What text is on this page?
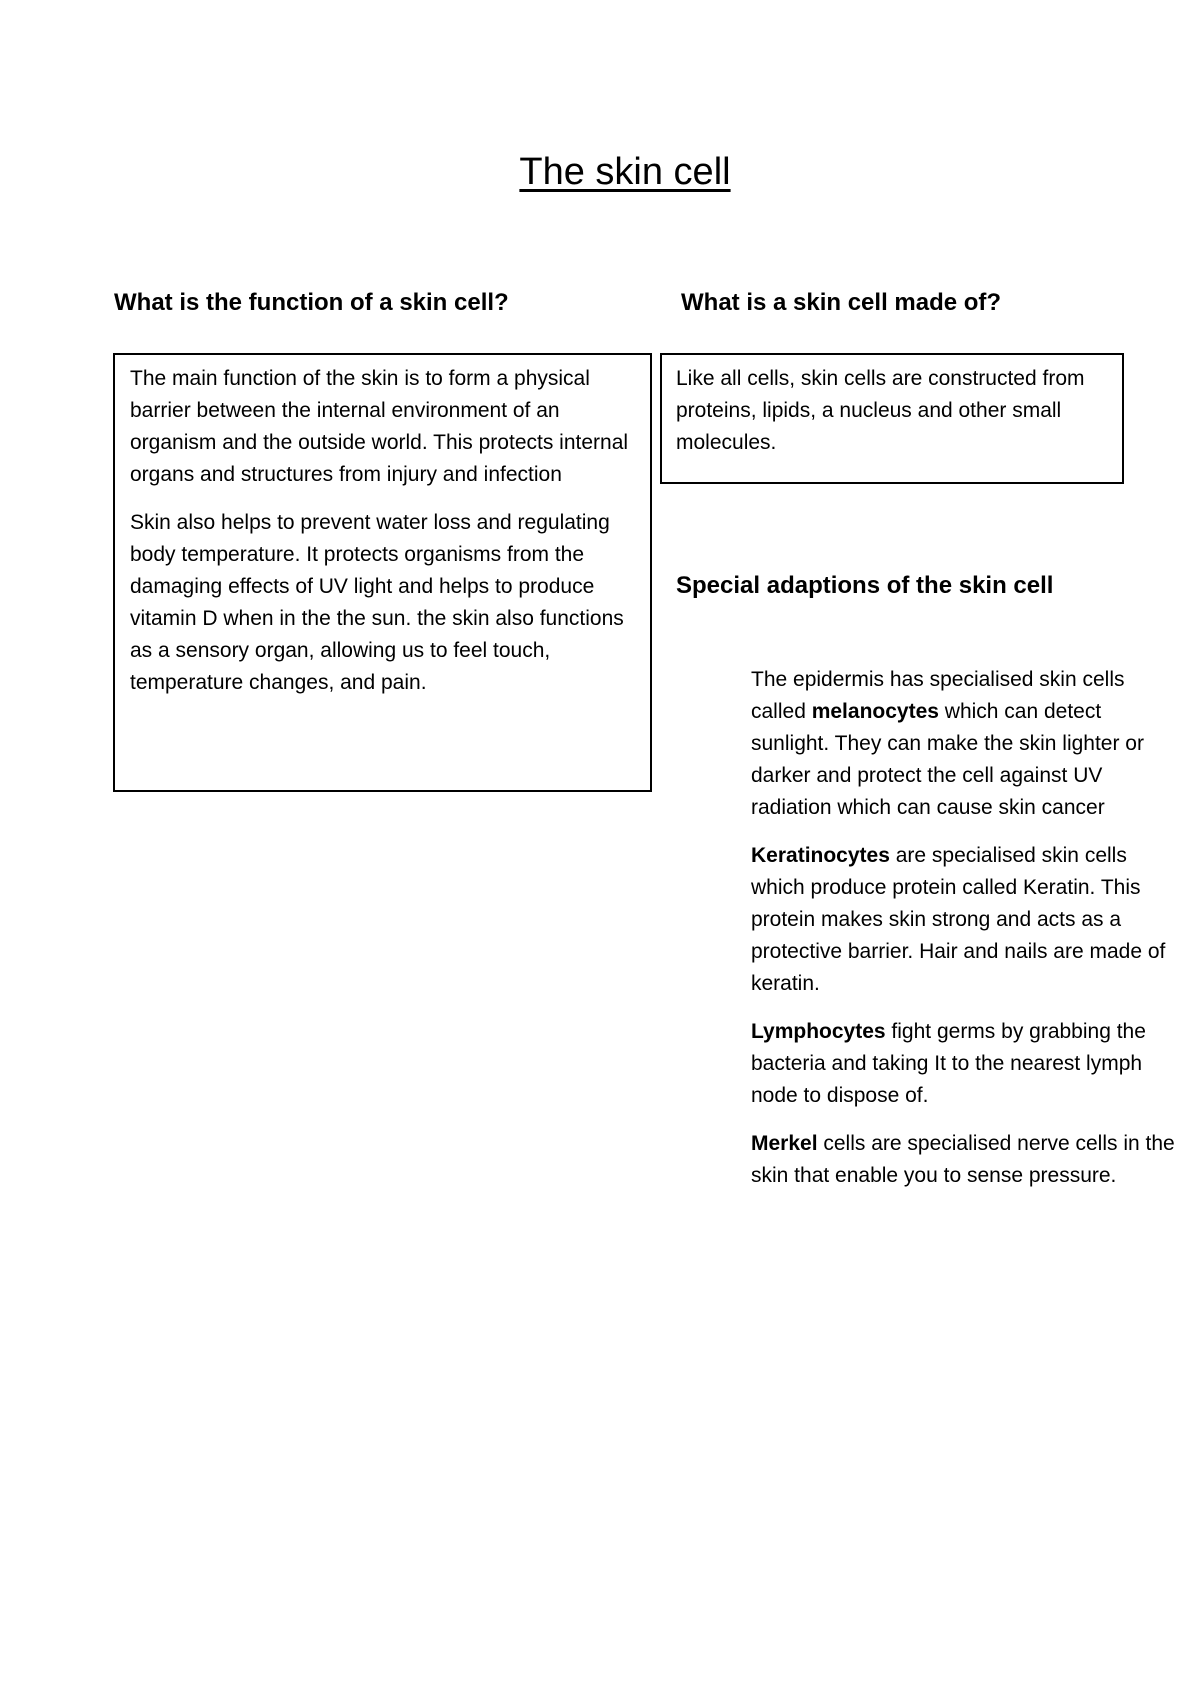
The skin cell
What is the function of a skin cell?	What is a skin cell made of?

The main function of the skin is to form a physical barrier between the internal environment of an organism and the outside world. This protects internal organs and structures from injury and infection

Skin also helps to prevent water loss and regulating body temperature. It protects organisms from the damaging effects of UV light and helps to produce vitamin D when in the the sun. the skin also functions as a sensory organ, allowing us to feel touch, temperature changes, and pain.

Like all cells, skin cells are constructed from proteins, lipids, a nucleus and other small molecules.

Special adaptions of the skin cell

The epidermis has specialised skin cells called melanocytes which can detect sunlight. They can make the skin lighter or darker and protect the cell against UV radiation which can cause skin cancer

Keratinocytes are specialised skin cells which produce protein called Keratin. This protein makes skin strong and acts as a protective barrier. Hair and nails are made of keratin.

Lymphocytes fight germs by grabbing the bacteria and taking It to the nearest lymph node to dispose of.

Merkel cells are specialised nerve cells in the skin that enable you to sense pressure.
